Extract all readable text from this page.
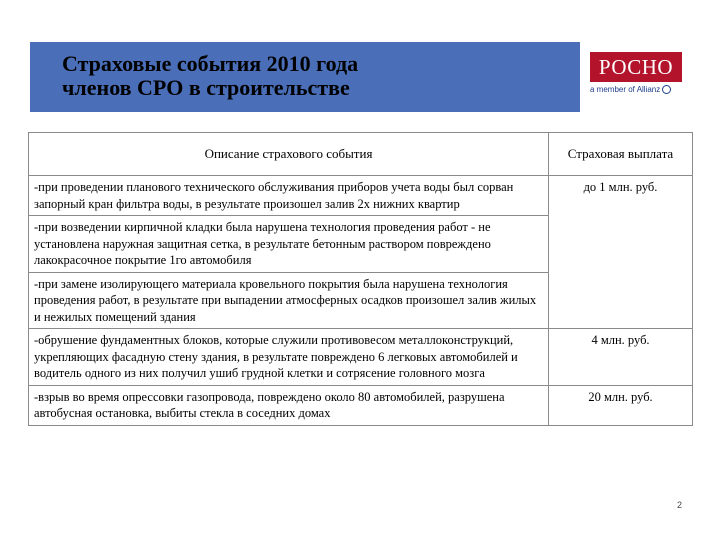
Страховые события 2010 года
членов СРО в строительстве
РОСНО
a member of Allianz
Описание страхового события	Страховая выплата
-при проведении планового технического обслуживания приборов учета воды был сорван запорный кран фильтра воды, в результате произошел залив 2х нижних квартир	до 1 млн. руб.
-при возведении кирпичной кладки была нарушена технология проведения работ - не установлена наружная защитная сетка, в результате бетонным раствором повреждено лакокрасочное покрытие 1го автомобиля	
-при замене изолирующего материала кровельного покрытия была нарушена технология проведения работ, в результате при выпадении атмосферных осадков произошел залив жилых и нежилых помещений здания	
-обрушение фундаментных блоков, которые служили противовесом металлоконструкций, укрепляющих фасадную стену здания, в результате повреждено 6 легковых автомобилей и водитель одного из них получил ушиб грудной клетки и сотрясение головного мозга	4 млн. руб.
-взрыв во время опрессовки газопровода, повреждено около 80 автомобилей, разрушена автобусная остановка, выбиты стекла в соседних домах	20 млн. руб.
2
